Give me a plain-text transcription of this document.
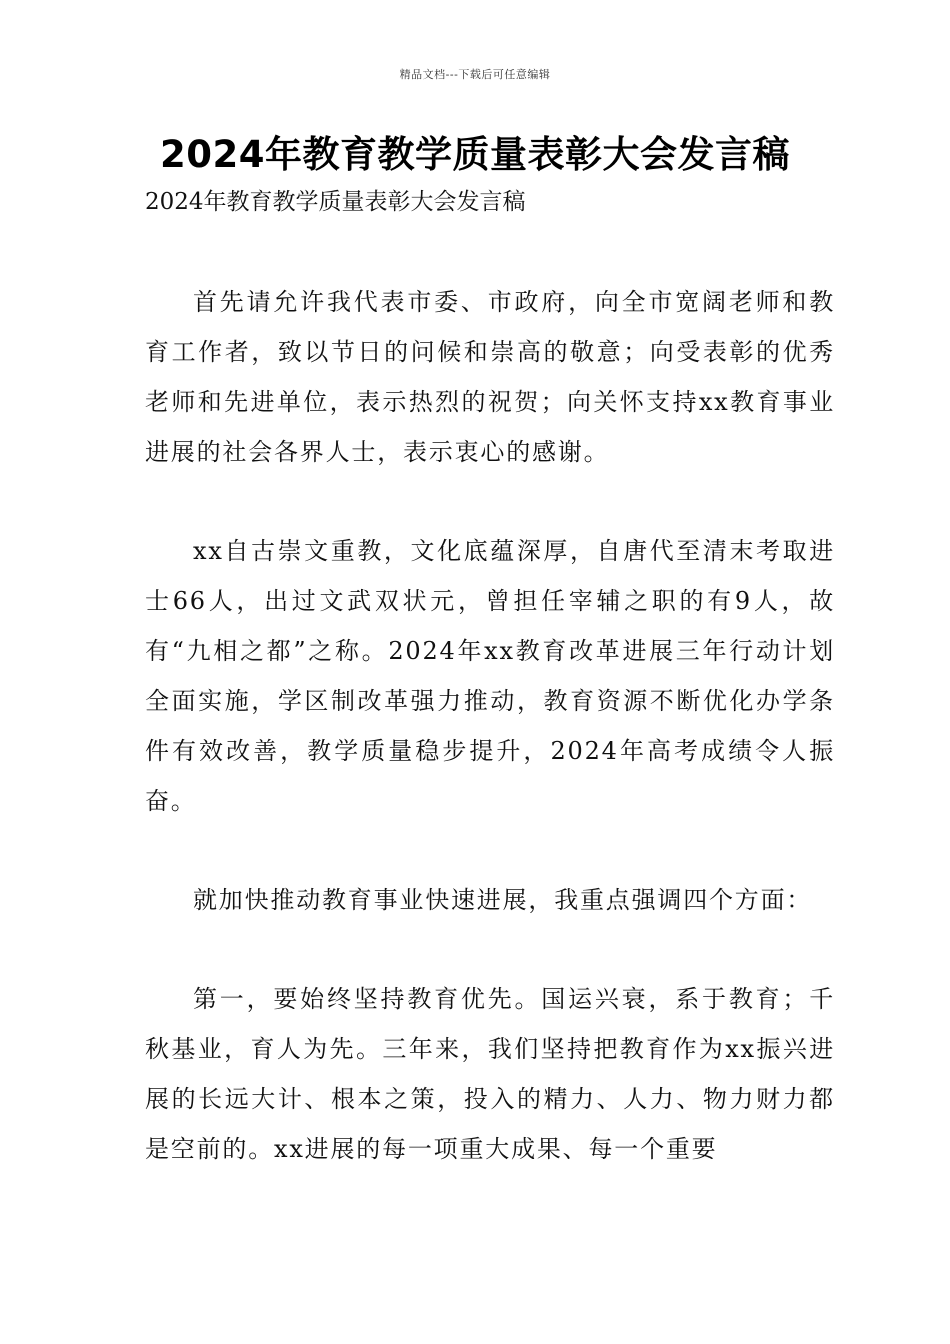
精品文档---下载后可任意编辑
2024年教育教学质量表彰大会发言稿

2024年教育教学质量表彰大会发言稿

首先请允许我代表市委、市政府，向全市宽阔老师和教育工作者，致以节日的问候和崇高的敬意；向受表彰的优秀老师和先进单位，表示热烈的祝贺；向关怀支持xx教育事业进展的社会各界人士，表示衷心的感谢。

xx自古崇文重教，文化底蕴深厚，自唐代至清末考取进士66人，出过文武双状元，曾担任宰辅之职的有9人，故有“九相之都”之称。2024年xx教育改革进展三年行动计划全面实施，学区制改革强力推动，教育资源不断优化办学条件有效改善，教学质量稳步提升，2024年高考成绩令人振奋。

就加快推动教育事业快速进展，我重点强调四个方面：

第一，要始终坚持教育优先。国运兴衰，系于教育；千秋基业，育人为先。三年来，我们坚持把教育作为xx振兴进展的长远大计、根本之策，投入的精力、人力、物力财力都是空前的。xx进展的每一项重大成果、每一个重要
